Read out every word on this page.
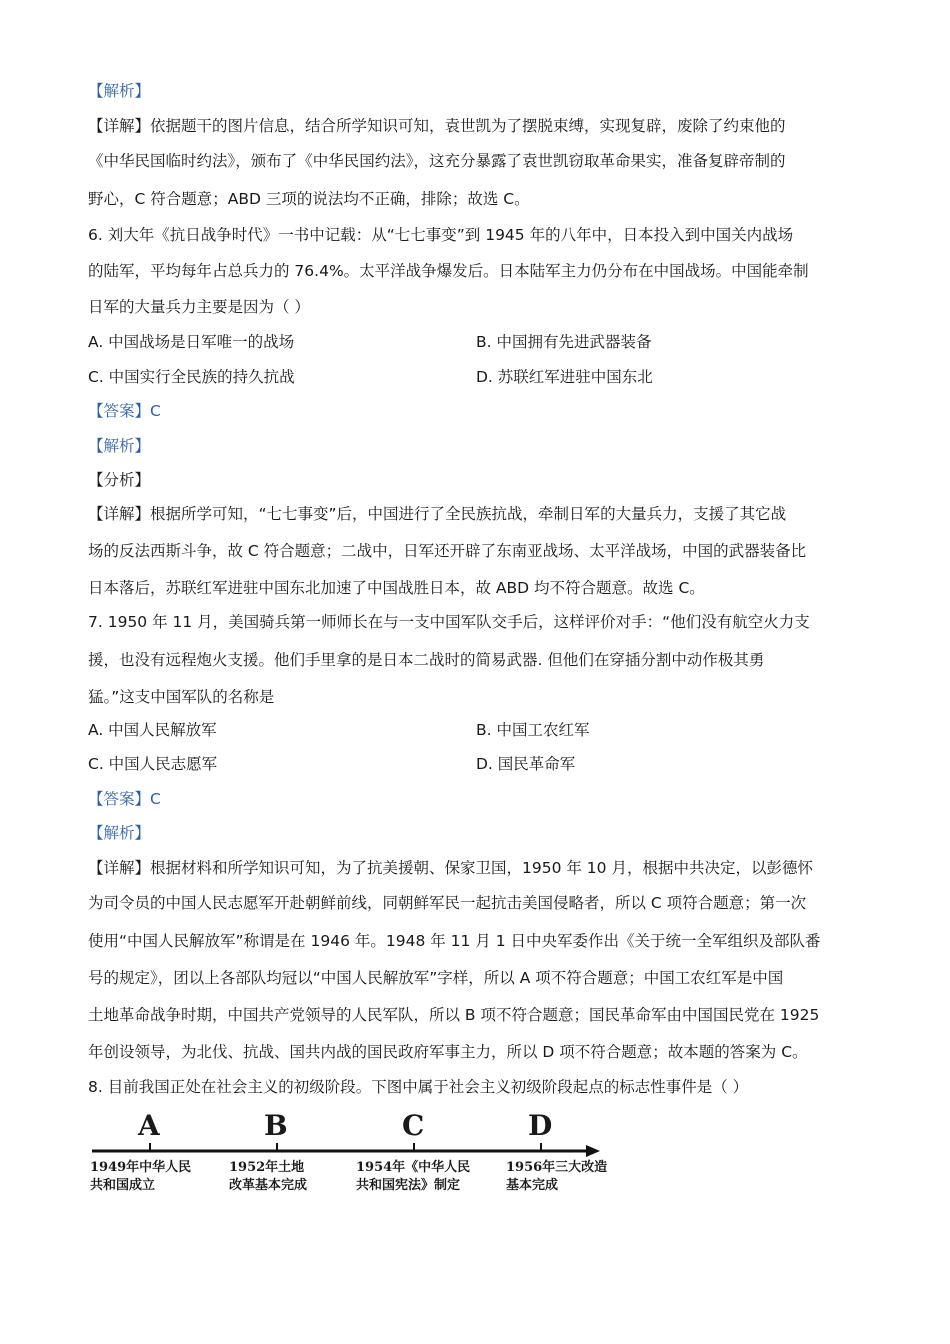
【解析】
【详解】依据题干的图片信息，结合所学知识可知，袁世凯为了摆脱束缚，实现复辟，废除了约束他的
《中华民国临时约法》，颁布了《中华民国约法》，这充分暴露了袁世凯窃取革命果实，准备复辟帝制的
野心，C 符合题意；ABD 三项的说法均不正确，排除；故选 C。
6. 刘大年《抗日战争时代》一书中记载：从“七七事变”到 1945 年的八年中，日本投入到中国关内战场
的陆军，平均每年占总兵力的 76.4%。太平洋战争爆发后。日本陆军主力仍分布在中国战场。中国能牵制
日军的大量兵力主要是因为（ ）
【答案】C
【解析】
【分析】
【详解】根据所学可知，“七七事变”后，中国进行了全民族抗战，牵制日军的大量兵力，支援了其它战
场的反法西斯斗争，故 C 符合题意；二战中，日军还开辟了东南亚战场、太平洋战场，中国的武器装备比
日本落后，苏联红军进驻中国东北加速了中国战胜日本，故 ABD 均不符合题意。故选 C。
7. 1950 年 11 月，美国骑兵第一师师长在与一支中国军队交手后，这样评价对手：“他们没有航空火力支
援，也没有远程炮火支援。他们手里拿的是日本二战时的简易武器. 但他们在穿插分割中动作极其勇
猛。”这支中国军队的名称是
【答案】C
【解析】
【详解】根据材料和所学知识可知，为了抗美援朝、保家卫国，1950 年 10 月，根据中共决定，以彭德怀
为司令员的中国人民志愿军开赴朝鲜前线，同朝鲜军民一起抗击美国侵略者，所以 C 项符合题意；第一次
使用“中国人民解放军”称谓是在 1946 年。1948 年 11 月 1 日中央军委作出《关于统一全军组织及部队番
号的规定》，团以上各部队均冠以“中国人民解放军”字样，所以 A 项不符合题意；中国工农红军是中国
土地革命战争时期，中国共产党领导的人民军队，所以 B 项不符合题意；国民革命军由中国国民党在 1925
年创设领导，为北伐、抗战、国共内战的国民政府军事主力，所以 D 项不符合题意；故本题的答案为 C。
8. 目前我国正处在社会主义的初级阶段。下图中属于社会主义初级阶段起点的标志性事件是（ ）
A. 中国战场是日军唯一的战场	B. 中国拥有先进武器装备
C. 中国实行全民族的持久抗战	D. 苏联红军进驻中国东北
A. 中国人民解放军	B. 中国工农红军
C. 中国人民志愿军	D. 国民革命军
A	B	C	D
1949年中华人民
共和国成立
1952年土地
改革基本完成
1954年《中华人民
共和国宪法》制定
1956年三大改造
基本完成
